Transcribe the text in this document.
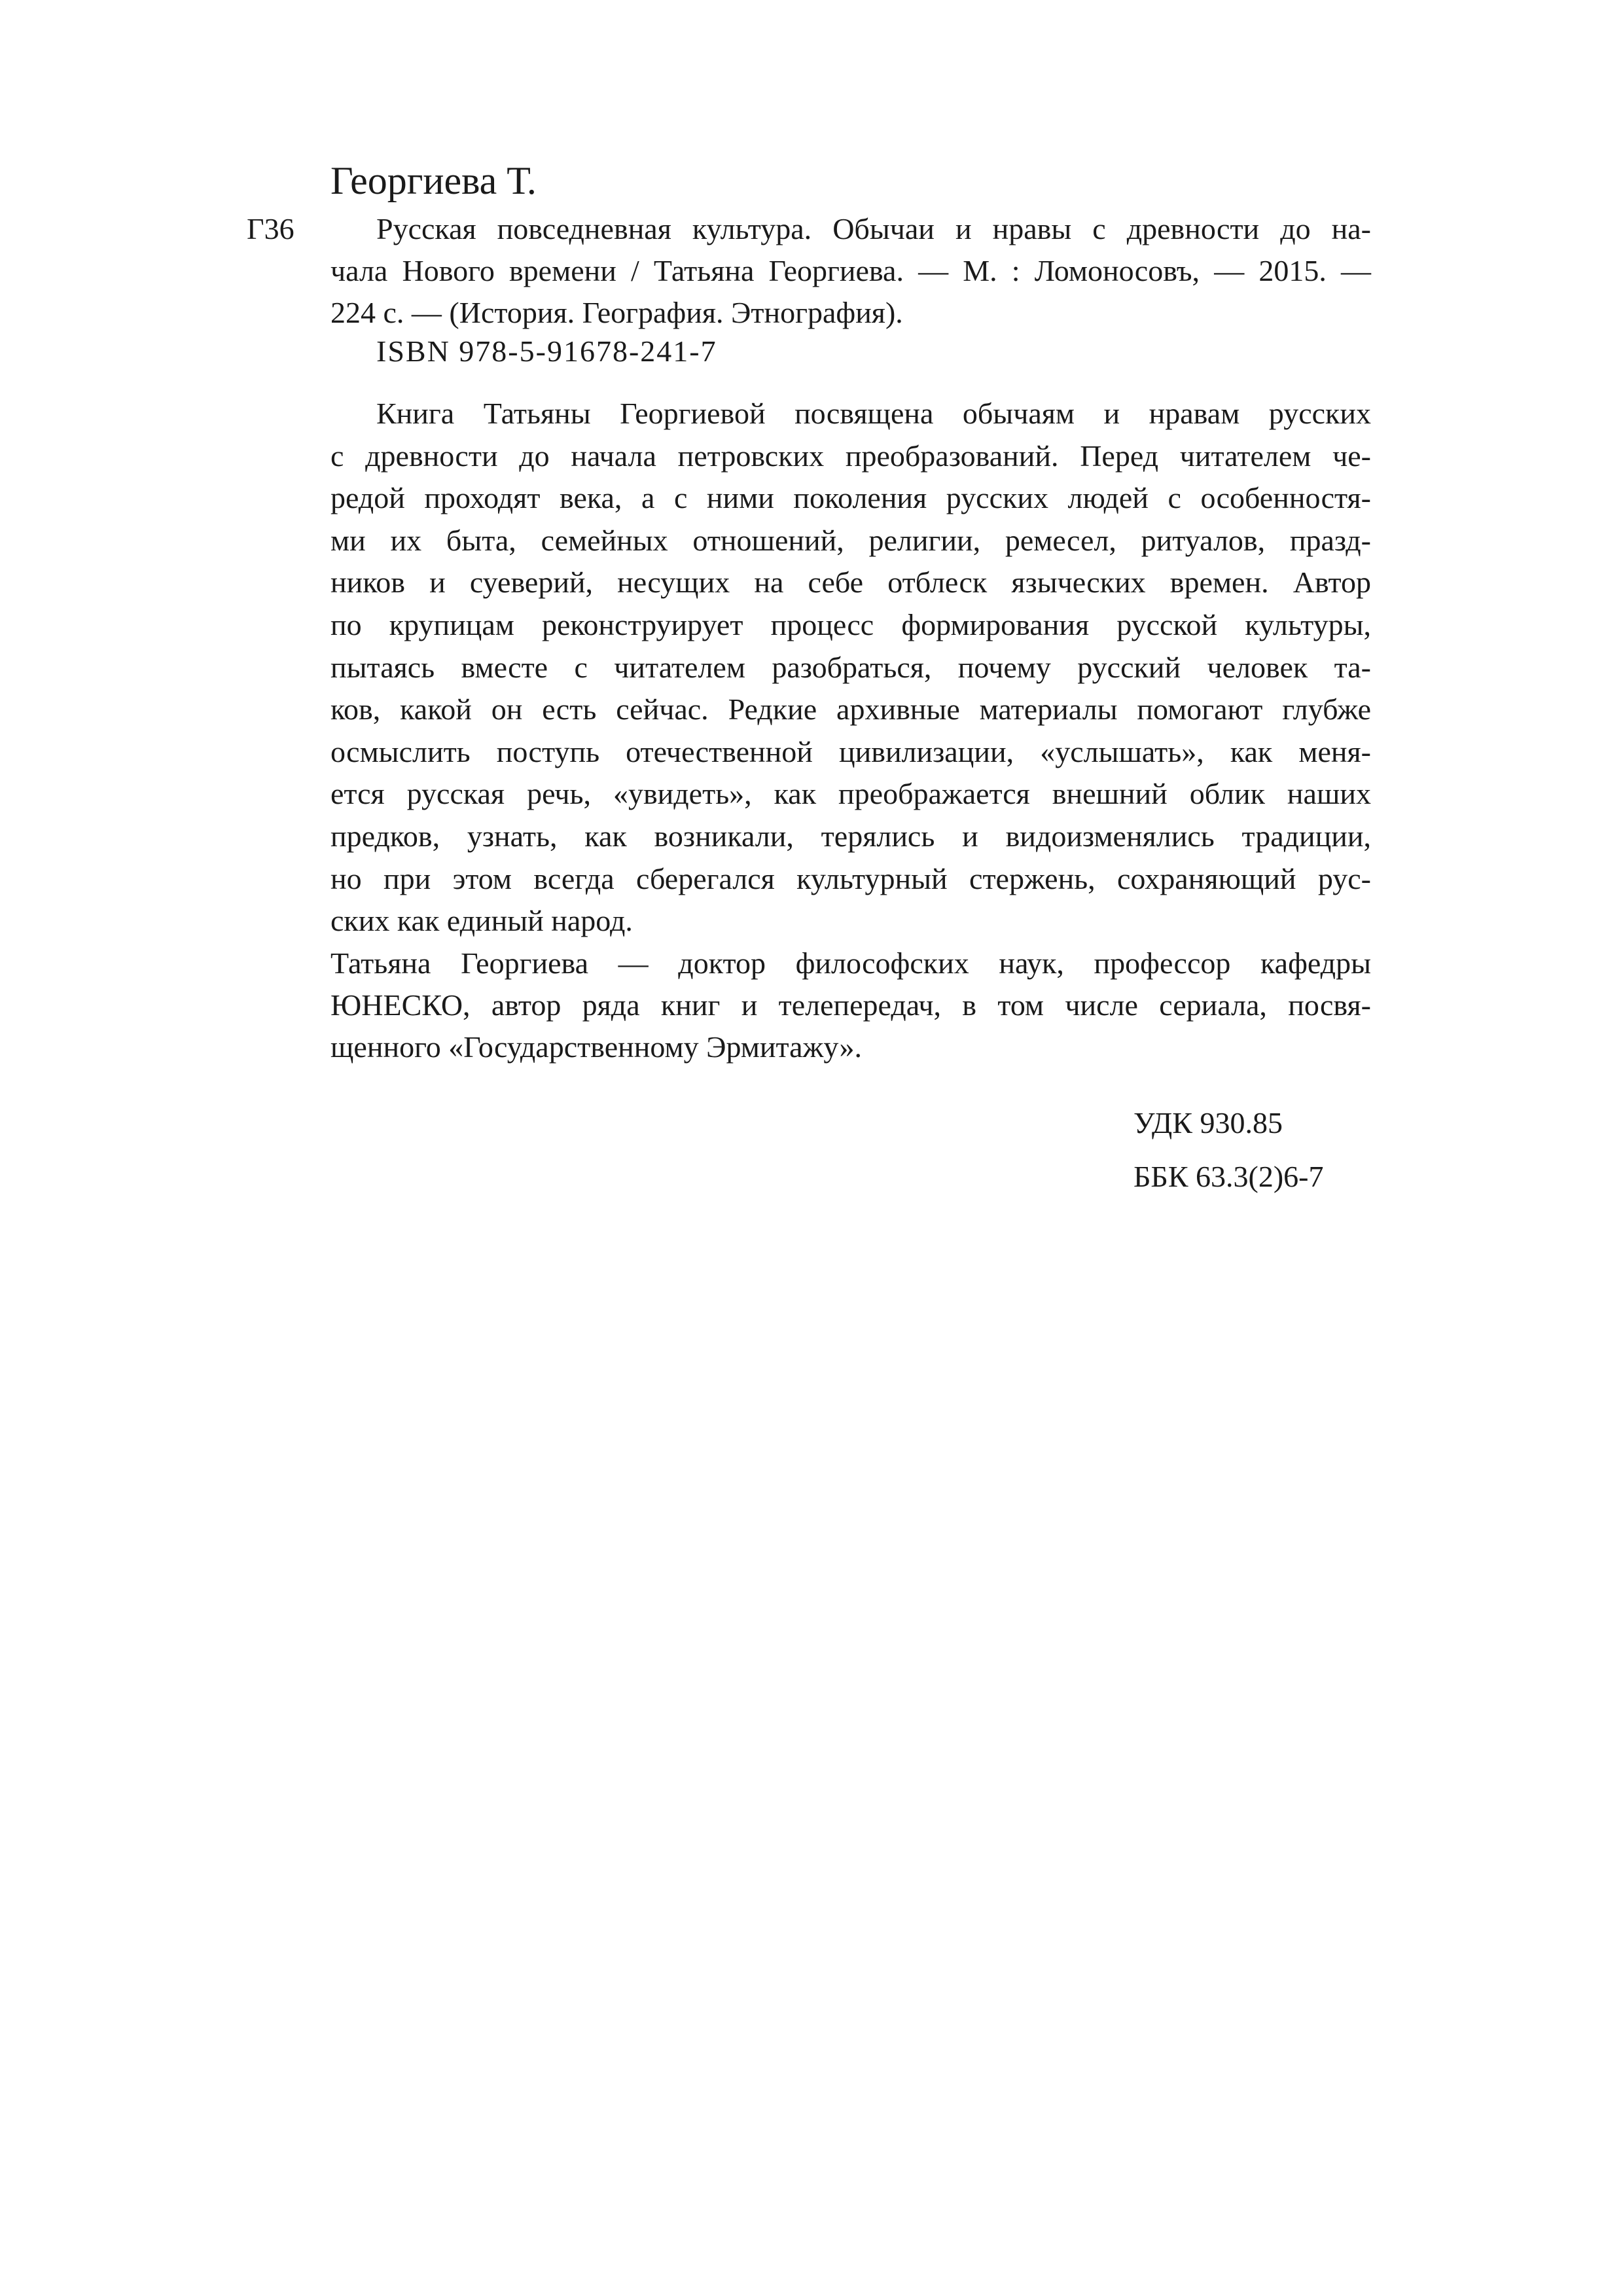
Георгиева Т.
Г36	Русская повседневная культура. Обычаи и нравы с древности до на-
чала Нового времени / Татьяна Георгиева. — М. : Ломоносовъ, — 2015. —
224 с. — (История. География. Этнография).
ISBN 978-5-91678-241-7
Книга Татьяны Георгиевой посвящена обычаям и нравам русских
с древности до начала петровских преобразований. Перед читателем че-
редой проходят века, а с ними поколения русских людей с особенностя-
ми их быта, семейных отношений, религии, ремесел, ритуалов, празд-
ников и суеверий, несущих на себе отблеск языческих времен. Автор
по крупицам реконструирует процесс формирования русской культуры,
пытаясь вместе с читателем разобраться, почему русский человек та-
ков, какой он есть сейчас. Редкие архивные материалы помогают глубже
осмыслить поступь отечественной цивилизации, «услышать», как меня-
ется русская речь, «увидеть», как преображается внешний облик наших
предков, узнать, как возникали, терялись и видоизменялись традиции,
но при этом всегда сберегался культурный стержень, сохраняющий рус-
ских как единый народ.
Татьяна Георгиева — доктор философских наук, профессор кафедры
ЮНЕСКО, автор ряда книг и телепередач, в том числе сериала, посвя-
щенного «Государственному Эрмитажу».
УДК 930.85
ББК 63.3(2)6-7
